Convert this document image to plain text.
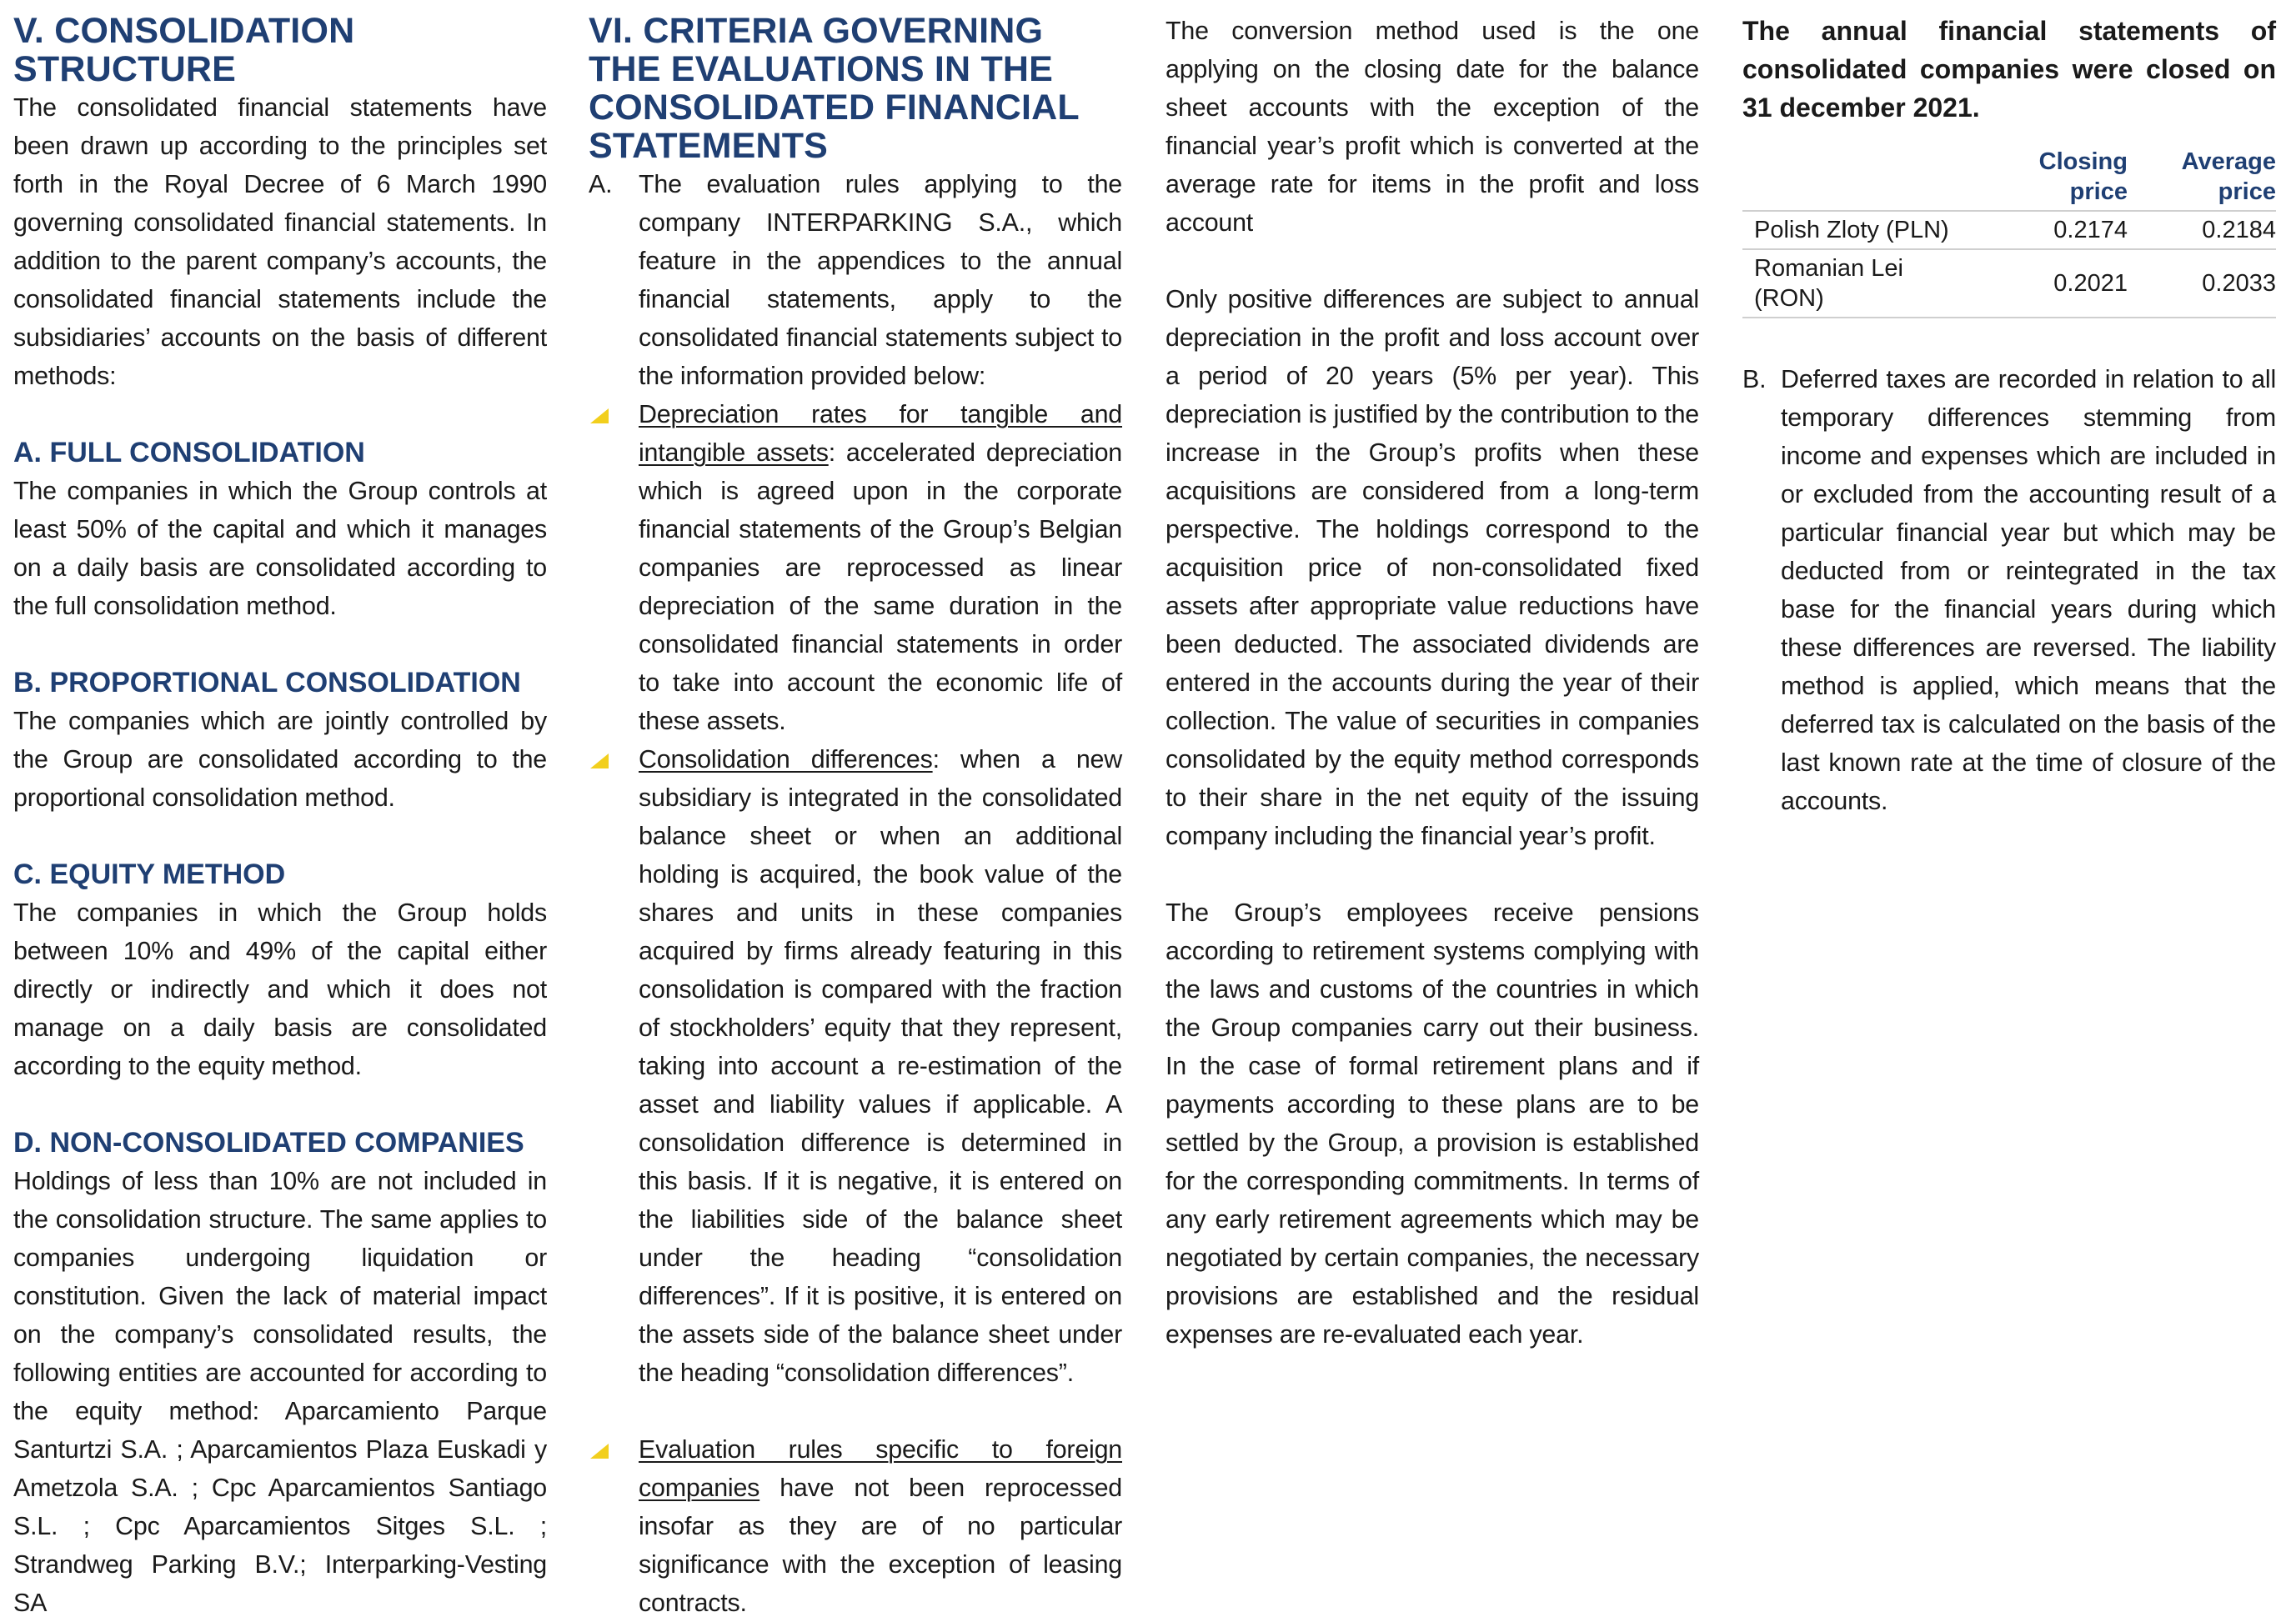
V. CONSOLIDATION STRUCTURE

The consolidated financial statements have been drawn up according to the principles set forth in the Royal Decree of 6 March 1990 governing consolidated financial statements. In addition to the parent company’s accounts, the consolidated financial statements include the subsidiaries’ accounts on the basis of different methods:

A. FULL CONSOLIDATION

The companies in which the Group controls at least 50% of the capital and which it manages on a daily basis are consolidated according to the full consolidation method.

B. PROPORTIONAL CONSOLIDATION

The companies which are jointly controlled by the Group are consolidated according to the proportional consolidation method.

C. EQUITY METHOD

The companies in which the Group holds between 10% and 49% of the capital either directly or indirectly and which it does not manage on a daily basis are consolidated according to the equity method.

D. NON-CONSOLIDATED COMPANIES

Holdings of less than 10% are not included in the consolidation structure. The same applies to companies undergoing liquidation or constitution. Given the lack of material impact on the company’s consolidated results, the following entities are accounted for according to the equity method: Aparcamiento Parque Santurtzi S.A. ; Aparcamientos Plaza Euskadi y Ametzola S.A. ; Cpc Aparcamientos Santiago S.L. ; Cpc Aparcamientos Sitges S.L. ; Strandweg Parking B.V.; Interparking-Vesting SA

VI. CRITERIA GOVERNING THE EVALUATIONS IN THE CONSOLIDATED FINANCIAL STATEMENTS
A. The evaluation rules applying to the company INTERPARKING S.A., which feature in the appendices to the annual financial statements, apply to the consolidated financial statements subject to the information provided below:
Depreciation rates for tangible and intangible assets: accelerated depreciation which is agreed upon in the corporate financial statements of the Group’s Belgian companies are reprocessed as linear depreciation of the same duration in the consolidated financial statements in order to take into account the economic life of these assets.
Consolidation differences: when a new subsidiary is integrated in the consolidated balance sheet or when an additional holding is acquired, the book value of the shares and units in these companies acquired by firms already featuring in this consolidation is compared with the fraction of stockholders’ equity that they represent, taking into account a re-estimation of the asset and liability values if applicable. A consolidation difference is determined in this basis. If it is negative, it is entered on the liabilities side of the balance sheet under the heading “consolidation differences”. If it is positive, it is entered on the assets side of the balance sheet under the heading “consolidation differences”.
Evaluation rules specific to foreign companies have not been reprocessed insofar as they are of no particular significance with the exception of leasing contracts.

The conversion method used is the one applying on the closing date for the balance sheet accounts with the exception of the financial year’s profit which is converted at the average rate for items in the profit and loss account

Only positive differences are subject to annual depreciation in the profit and loss account over a period of 20 years (5% per year). This depreciation is justified by the contribution to the increase in the Group’s profits when these acquisitions are considered from a long-term perspective. The holdings correspond to the acquisition price of non-consolidated fixed assets after appropriate value reductions have been deducted. The associated dividends are entered in the accounts during the year of their collection. The value of securities in companies consolidated by the equity method corresponds to their share in the net equity of the issuing company including the financial year’s profit.

The Group’s employees receive pensions according to retirement systems complying with the laws and customs of the countries in which the Group companies carry out their business. In the case of formal retirement plans and if payments according to these plans are to be settled by the Group, a provision is established for the corresponding commitments. In terms of any early retirement agreements which may be negotiated by certain companies, the necessary provisions are established and the residual expenses are re-evaluated each year.

The annual financial statements of consolidated companies were closed on 31 december 2021.

	Closing price	Average price
Polish Zloty (PLN)	0.2174	0.2184
Romanian Lei (RON)	0.2021	0.2033
B. Deferred taxes are recorded in relation to all temporary differences stemming from income and expenses which are included in or excluded from the accounting result of a particular financial year but which may be deducted from or reintegrated in the tax base for the financial years during which these differences are reversed. The liability method is applied, which means that the deferred tax is calculated on the basis of the last known rate at the time of closure of the accounts.
